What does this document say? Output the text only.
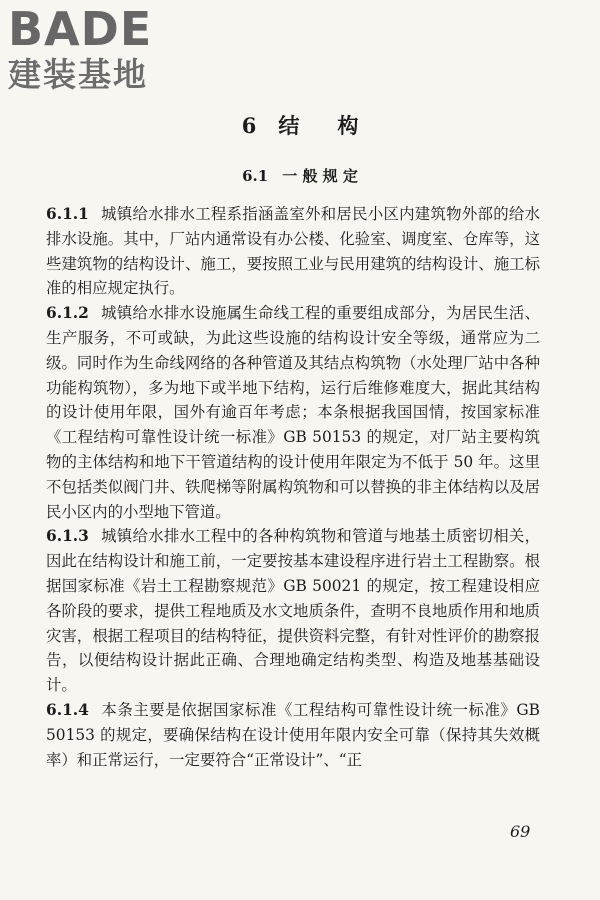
BADE
建装基地
6 结 构
6.1 一 般 规 定

6.1.1 城镇给水排水工程系指涵盖室外和居民小区内建筑物外部的给水排水设施。其中，厂站内通常设有办公楼、化验室、调度室、仓库等，这些建筑物的结构设计、施工，要按照工业与民用建筑的结构设计、施工标准的相应规定执行。

6.1.2 城镇给水排水设施属生命线工程的重要组成部分，为居民生活、生产服务，不可或缺，为此这些设施的结构设计安全等级，通常应为二级。同时作为生命线网络的各种管道及其结点构筑物（水处理厂站中各种功能构筑物），多为地下或半地下结构，运行后维修难度大，据此其结构的设计使用年限，国外有逾百年考虑；本条根据我国国情，按国家标准《工程结构可靠性设计统一标准》GB 50153 的规定，对厂站主要构筑物的主体结构和地下干管道结构的设计使用年限定为不低于 50 年。这里不包括类似阀门井、铁爬梯等附属构筑物和可以替换的非主体结构以及居民小区内的小型地下管道。

6.1.3 城镇给水排水工程中的各种构筑物和管道与地基土质密切相关，因此在结构设计和施工前，一定要按基本建设程序进行岩土工程勘察。根据国家标准《岩土工程勘察规范》GB 50021 的规定，按工程建设相应各阶段的要求，提供工程地质及水文地质条件，查明不良地质作用和地质灾害，根据工程项目的结构特征，提供资料完整，有针对性评价的勘察报告，以便结构设计据此正确、合理地确定结构类型、构造及地基基础设计。

6.1.4 本条主要是依据国家标准《工程结构可靠性设计统一标准》GB 50153 的规定，要确保结构在设计使用年限内安全可靠（保持其失效概率）和正常运行，一定要符合“正常设计”、“正

69
